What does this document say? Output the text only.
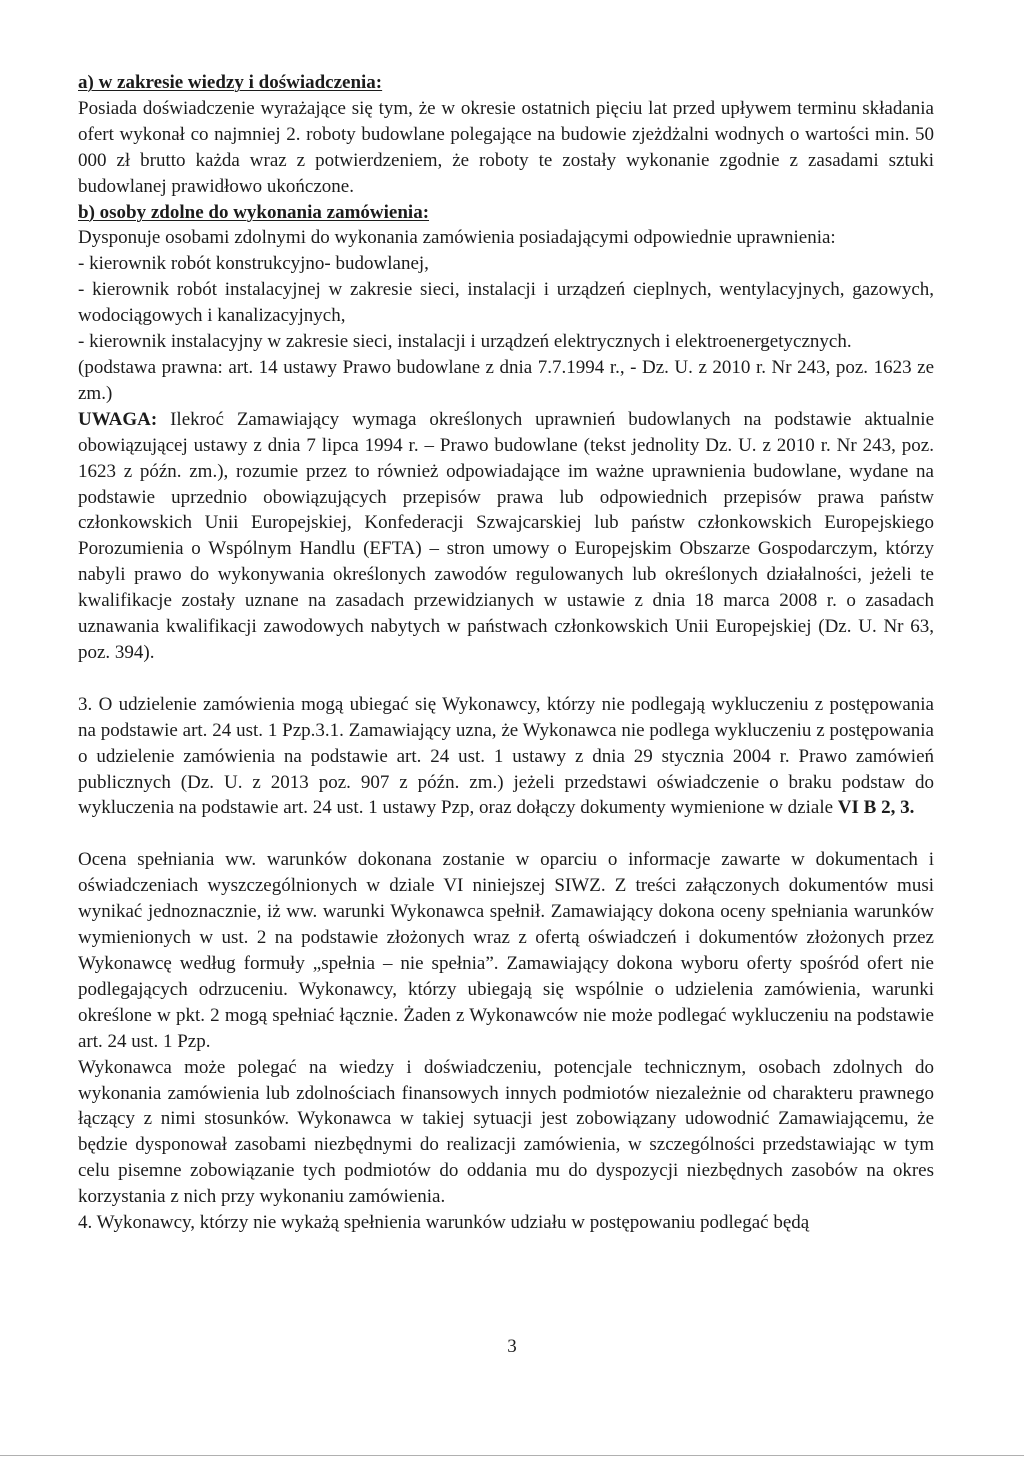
a) w zakresie wiedzy i doświadczenia:

Posiada doświadczenie wyrażające się tym, że w okresie ostatnich pięciu lat przed upływem terminu składania ofert wykonał co najmniej 2. roboty budowlane polegające na budowie zjeżdżalni wodnych o wartości min. 50 000 zł brutto każda wraz z potwierdzeniem, że roboty te zostały wykonanie zgodnie z zasadami sztuki budowlanej prawidłowo ukończone.

b) osoby zdolne do wykonania zamówienia:

Dysponuje osobami zdolnymi do wykonania zamówienia posiadającymi odpowiednie uprawnienia:

- kierownik robót konstrukcyjno- budowlanej,

- kierownik robót instalacyjnej w zakresie sieci, instalacji i urządzeń cieplnych, wentylacyjnych, gazowych, wodociągowych i kanalizacyjnych,

- kierownik instalacyjny w zakresie sieci, instalacji i urządzeń elektrycznych i elektroenergetycznych.

(podstawa prawna: art. 14 ustawy Prawo budowlane z dnia 7.7.1994 r., - Dz. U. z 2010 r. Nr 243, poz. 1623 ze zm.)

UWAGA: Ilekroć Zamawiający wymaga określonych uprawnień budowlanych na podstawie aktualnie obowiązującej ustawy z dnia 7 lipca 1994 r. – Prawo budowlane (tekst jednolity Dz. U. z 2010 r. Nr 243, poz. 1623 z późn. zm.), rozumie przez to również odpowiadające im ważne uprawnienia budowlane, wydane na podstawie uprzednio obowiązujących przepisów prawa lub odpowiednich przepisów prawa państw członkowskich Unii Europejskiej, Konfederacji Szwajcarskiej lub państw członkowskich Europejskiego Porozumienia o Wspólnym Handlu (EFTA) – stron umowy o Europejskim Obszarze Gospodarczym, którzy nabyli prawo do wykonywania określonych zawodów regulowanych lub określonych działalności, jeżeli te kwalifikacje zostały uznane na zasadach przewidzianych w ustawie z dnia 18 marca 2008 r. o zasadach uznawania kwalifikacji zawodowych nabytych w państwach członkowskich Unii Europejskiej (Dz. U. Nr 63, poz. 394).

3. O udzielenie zamówienia mogą ubiegać się Wykonawcy, którzy nie podlegają wykluczeniu z postępowania na podstawie art. 24 ust. 1 Pzp.3.1. Zamawiający uzna, że Wykonawca nie podlega wykluczeniu z postępowania o udzielenie zamówienia na podstawie art. 24 ust. 1 ustawy z dnia 29 stycznia 2004 r. Prawo zamówień publicznych (Dz. U. z 2013 poz. 907 z późn. zm.) jeżeli przedstawi oświadczenie o braku podstaw do wykluczenia na podstawie art. 24 ust. 1 ustawy Pzp, oraz dołączy dokumenty wymienione w dziale VI B 2, 3.

Ocena spełniania ww. warunków dokonana zostanie w oparciu o informacje zawarte w dokumentach i oświadczeniach wyszczególnionych w dziale VI niniejszej SIWZ. Z treści załączonych dokumentów musi wynikać jednoznacznie, iż ww. warunki Wykonawca spełnił. Zamawiający dokona oceny spełniania warunków wymienionych w ust. 2 na podstawie złożonych wraz z ofertą oświadczeń i dokumentów złożonych przez Wykonawcę według formuły „spełnia – nie spełnia”. Zamawiający dokona wyboru oferty spośród ofert nie podlegających odrzuceniu. Wykonawcy, którzy ubiegają się wspólnie o udzielenia zamówienia, warunki określone w pkt. 2 mogą spełniać łącznie. Żaden z Wykonawców nie może podlegać wykluczeniu na podstawie art. 24 ust. 1 Pzp.

Wykonawca może polegać na wiedzy i doświadczeniu, potencjale technicznym, osobach zdolnych do wykonania zamówienia lub zdolnościach finansowych innych podmiotów niezależnie od charakteru prawnego łączący z nimi stosunków. Wykonawca w takiej sytuacji jest zobowiązany udowodnić Zamawiającemu, że będzie dysponował zasobami niezbędnymi do realizacji zamówienia, w szczególności przedstawiając w tym celu pisemne zobowiązanie tych podmiotów do oddania mu do dyspozycji niezbędnych zasobów na okres korzystania z nich przy wykonaniu zamówienia.

4. Wykonawcy, którzy nie wykażą spełnienia warunków udziału w postępowaniu podlegać będą

3
